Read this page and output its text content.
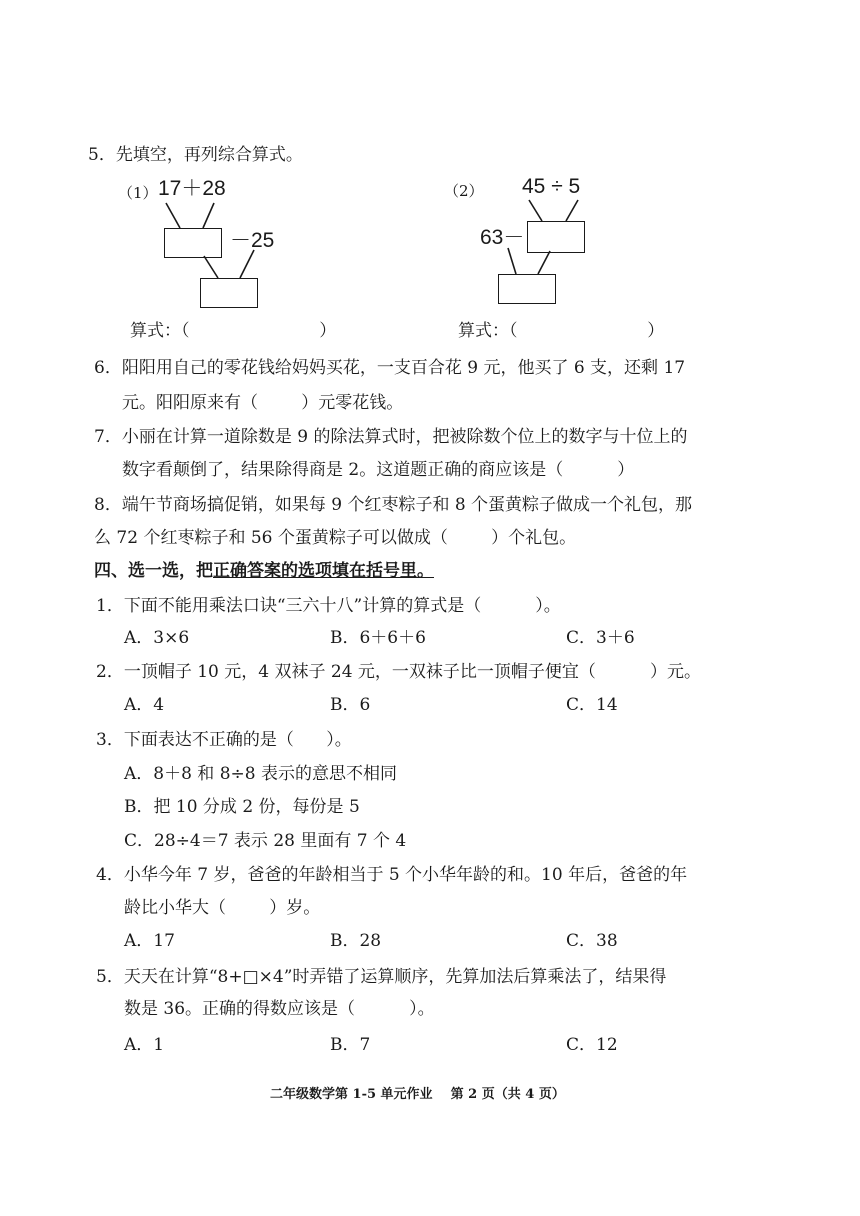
5．先填空，再列综合算式。
（1） 17＋28
－25
（2） 45 ÷ 5
63－
算式：（                        ）	算式：（                        ）
6．阳阳用自己的零花钱给妈妈买花，一支百合花 9 元，他买了 6 支，还剩 17
元。阳阳原来有（        ）元零花钱。
7．小丽在计算一道除数是 9 的除法算式时，把被除数个位上的数字与十位上的
数字看颠倒了，结果除得商是 2。这道题正确的商应该是（          ）
8．端午节商场搞促销，如果每 9 个红枣粽子和 8 个蛋黄粽子做成一个礼包，那
么 72 个红枣粽子和 56 个蛋黄粽子可以做成（        ）个礼包。
四、选一选，把正确答案的选项填在括号里。
1．下面不能用乘法口诀“三六十八”计算的算式是（          ）。
A．3×6	B．6＋6＋6	C．3＋6
2．一顶帽子 10 元，4 双袜子 24 元，一双袜子比一顶帽子便宜（          ）元。
A．4	B．6	C．14
3．下面表达不正确的是（      ）。
A．8＋8 和 8÷8 表示的意思不相同
B．把 10 分成 2 份，每份是 5
C．28÷4＝7 表示 28 里面有 7 个 4
4．小华今年 7 岁，爸爸的年龄相当于 5 个小华年龄的和。10 年后，爸爸的年
龄比小华大（        ）岁。
A．17	B．28	C．38
5．天天在计算“8+□×4”时弄错了运算顺序，先算加法后算乘法了，结果得
数是 36。正确的得数应该是（          ）。
A．1	B．7	C．12
二年级数学第 1-5 单元作业    第 2 页（共 4 页）
